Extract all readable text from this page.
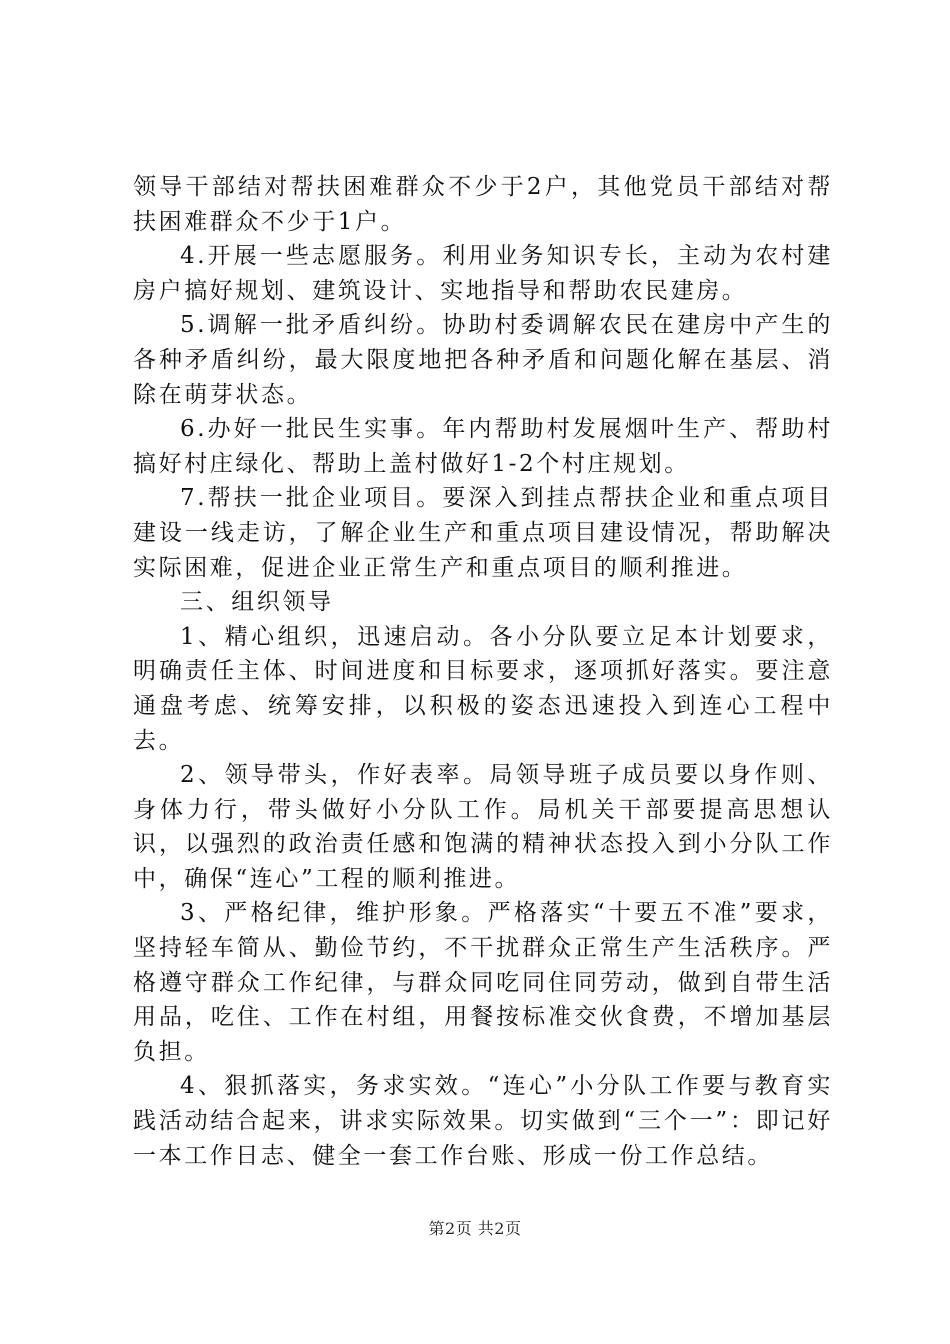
领导干部结对帮扶困难群众不少于2户，其他党员干部结对帮扶困难群众不少于1户。

4.开展一些志愿服务。利用业务知识专长，主动为农村建房户搞好规划、建筑设计、实地指导和帮助农民建房。

5.调解一批矛盾纠纷。协助村委调解农民在建房中产生的各种矛盾纠纷，最大限度地把各种矛盾和问题化解在基层、消除在萌芽状态。

6.办好一批民生实事。年内帮助村发展烟叶生产、帮助村搞好村庄绿化、帮助上盖村做好1-2个村庄规划。

7.帮扶一批企业项目。要深入到挂点帮扶企业和重点项目建设一线走访，了解企业生产和重点项目建设情况，帮助解决实际困难，促进企业正常生产和重点项目的顺利推进。

三、组织领导

1、精心组织，迅速启动。各小分队要立足本计划要求，明确责任主体、时间进度和目标要求，逐项抓好落实。要注意通盘考虑、统筹安排，以积极的姿态迅速投入到连心工程中去。

2、领导带头，作好表率。局领导班子成员要以身作则、身体力行，带头做好小分队工作。局机关干部要提高思想认识，以强烈的政治责任感和饱满的精神状态投入到小分队工作中，确保“连心”工程的顺利推进。

3、严格纪律，维护形象。严格落实“十要五不准”要求，坚持轻车简从、勤俭节约，不干扰群众正常生产生活秩序。严格遵守群众工作纪律，与群众同吃同住同劳动，做到自带生活用品，吃住、工作在村组，用餐按标准交伙食费，不增加基层负担。

4、狠抓落实，务求实效。“连心”小分队工作要与教育实践活动结合起来，讲求实际效果。切实做到“三个一”：即记好一本工作日志、健全一套工作台账、形成一份工作总结。

第2页 共2页
